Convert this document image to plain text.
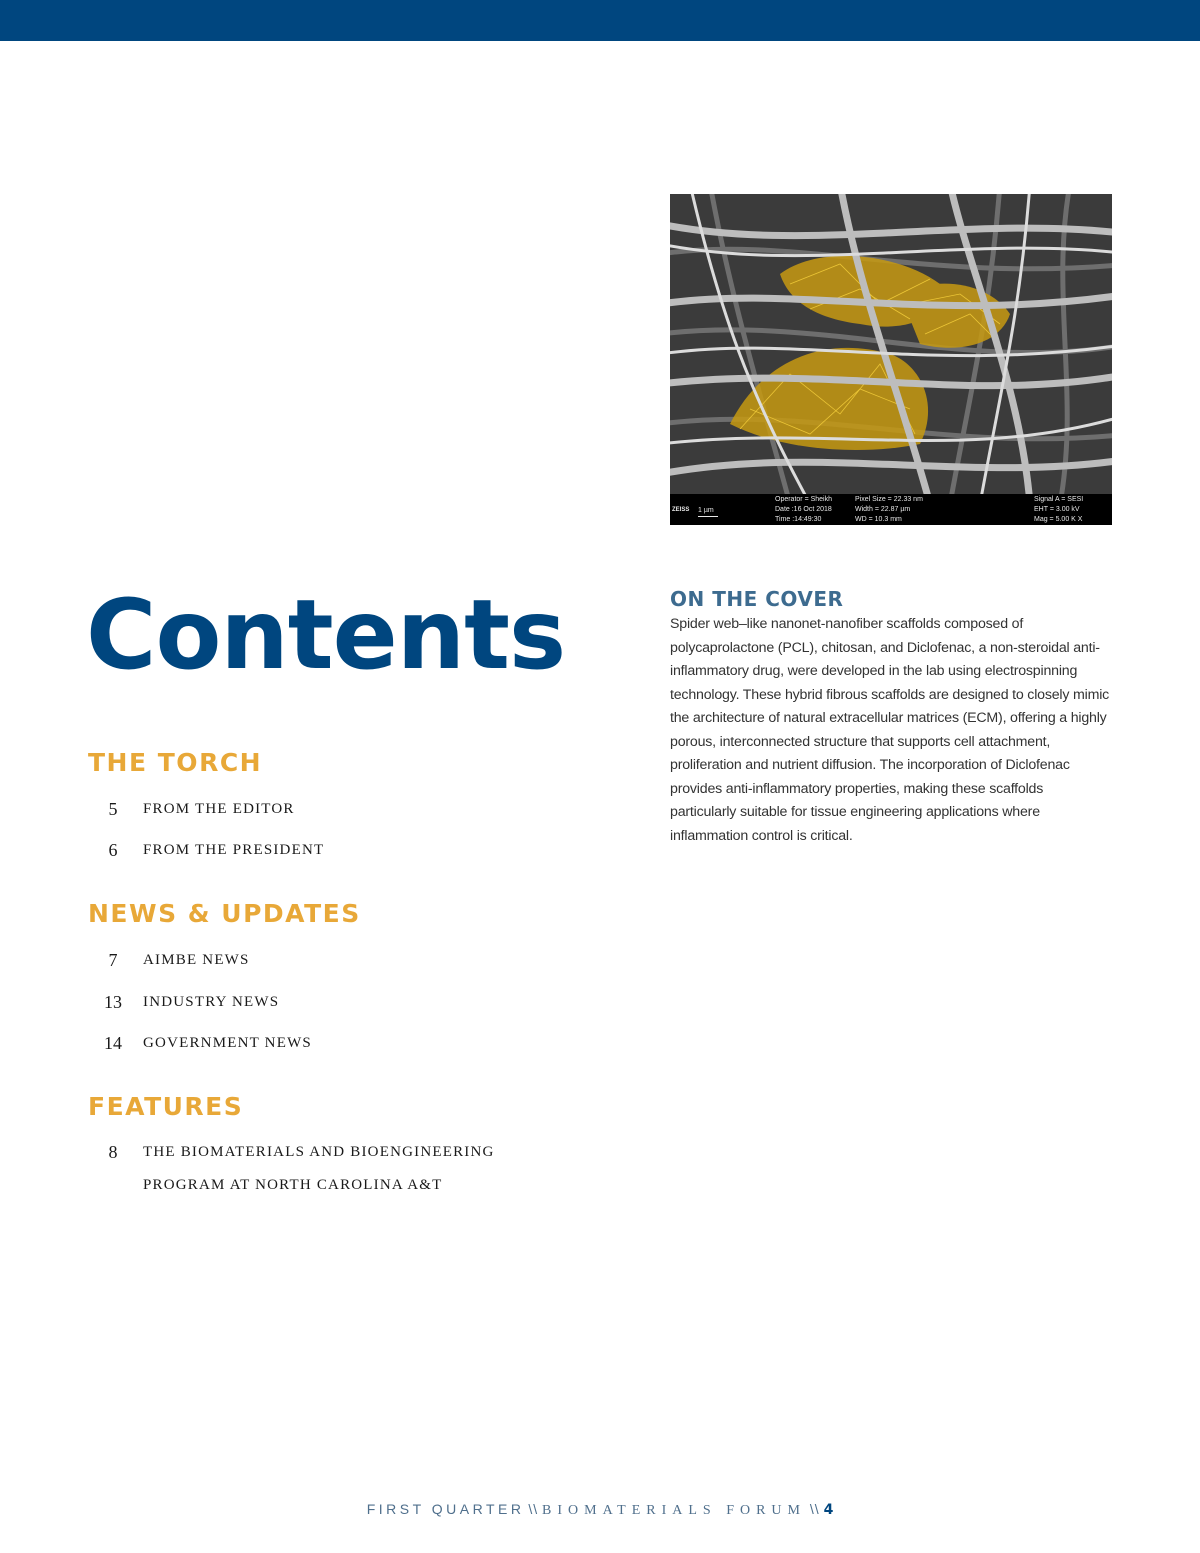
ZEISS 1 µm
Operator = Sheikh
Date :16 Oct 2018
Time :14:49:30
Pixel Size = 22.33 nm
Width = 22.87 µm
WD = 10.3 mm
Signal A = SESI
EHT = 3.00 kV
Mag = 5.00 K X
Contents
THE TORCH
5	FROM THE EDITOR
6	FROM THE PRESIDENT
NEWS & UPDATES
7	AIMBE NEWS
13 INDUSTRY NEWS
14 GOVERNMENT NEWS
FEATURES
8	THE BIOMATERIALS AND BIOENGINEERING
PROGRAM AT NORTH CAROLINA A&T
ON THE COVER

Spider web–like nanonet-nanofiber scaffolds composed of polycaprolactone (PCL), chitosan, and Diclofenac, a non-steroidal anti-inflammatory drug, were developed in the lab using electrospinning technology. These hybrid fibrous scaffolds are designed to closely mimic the architecture of natural extracellular matrices (ECM), offering a highly porous, interconnected structure that supports cell attachment, proliferation and nutrient diffusion. The incorporation of Diclofenac provides anti-inflammatory properties, making these scaffolds particularly suitable for tissue engineering applications where inflammation control is critical.

FIRST QUARTER \\ BIOMATERIALS FORUM \\ 4
